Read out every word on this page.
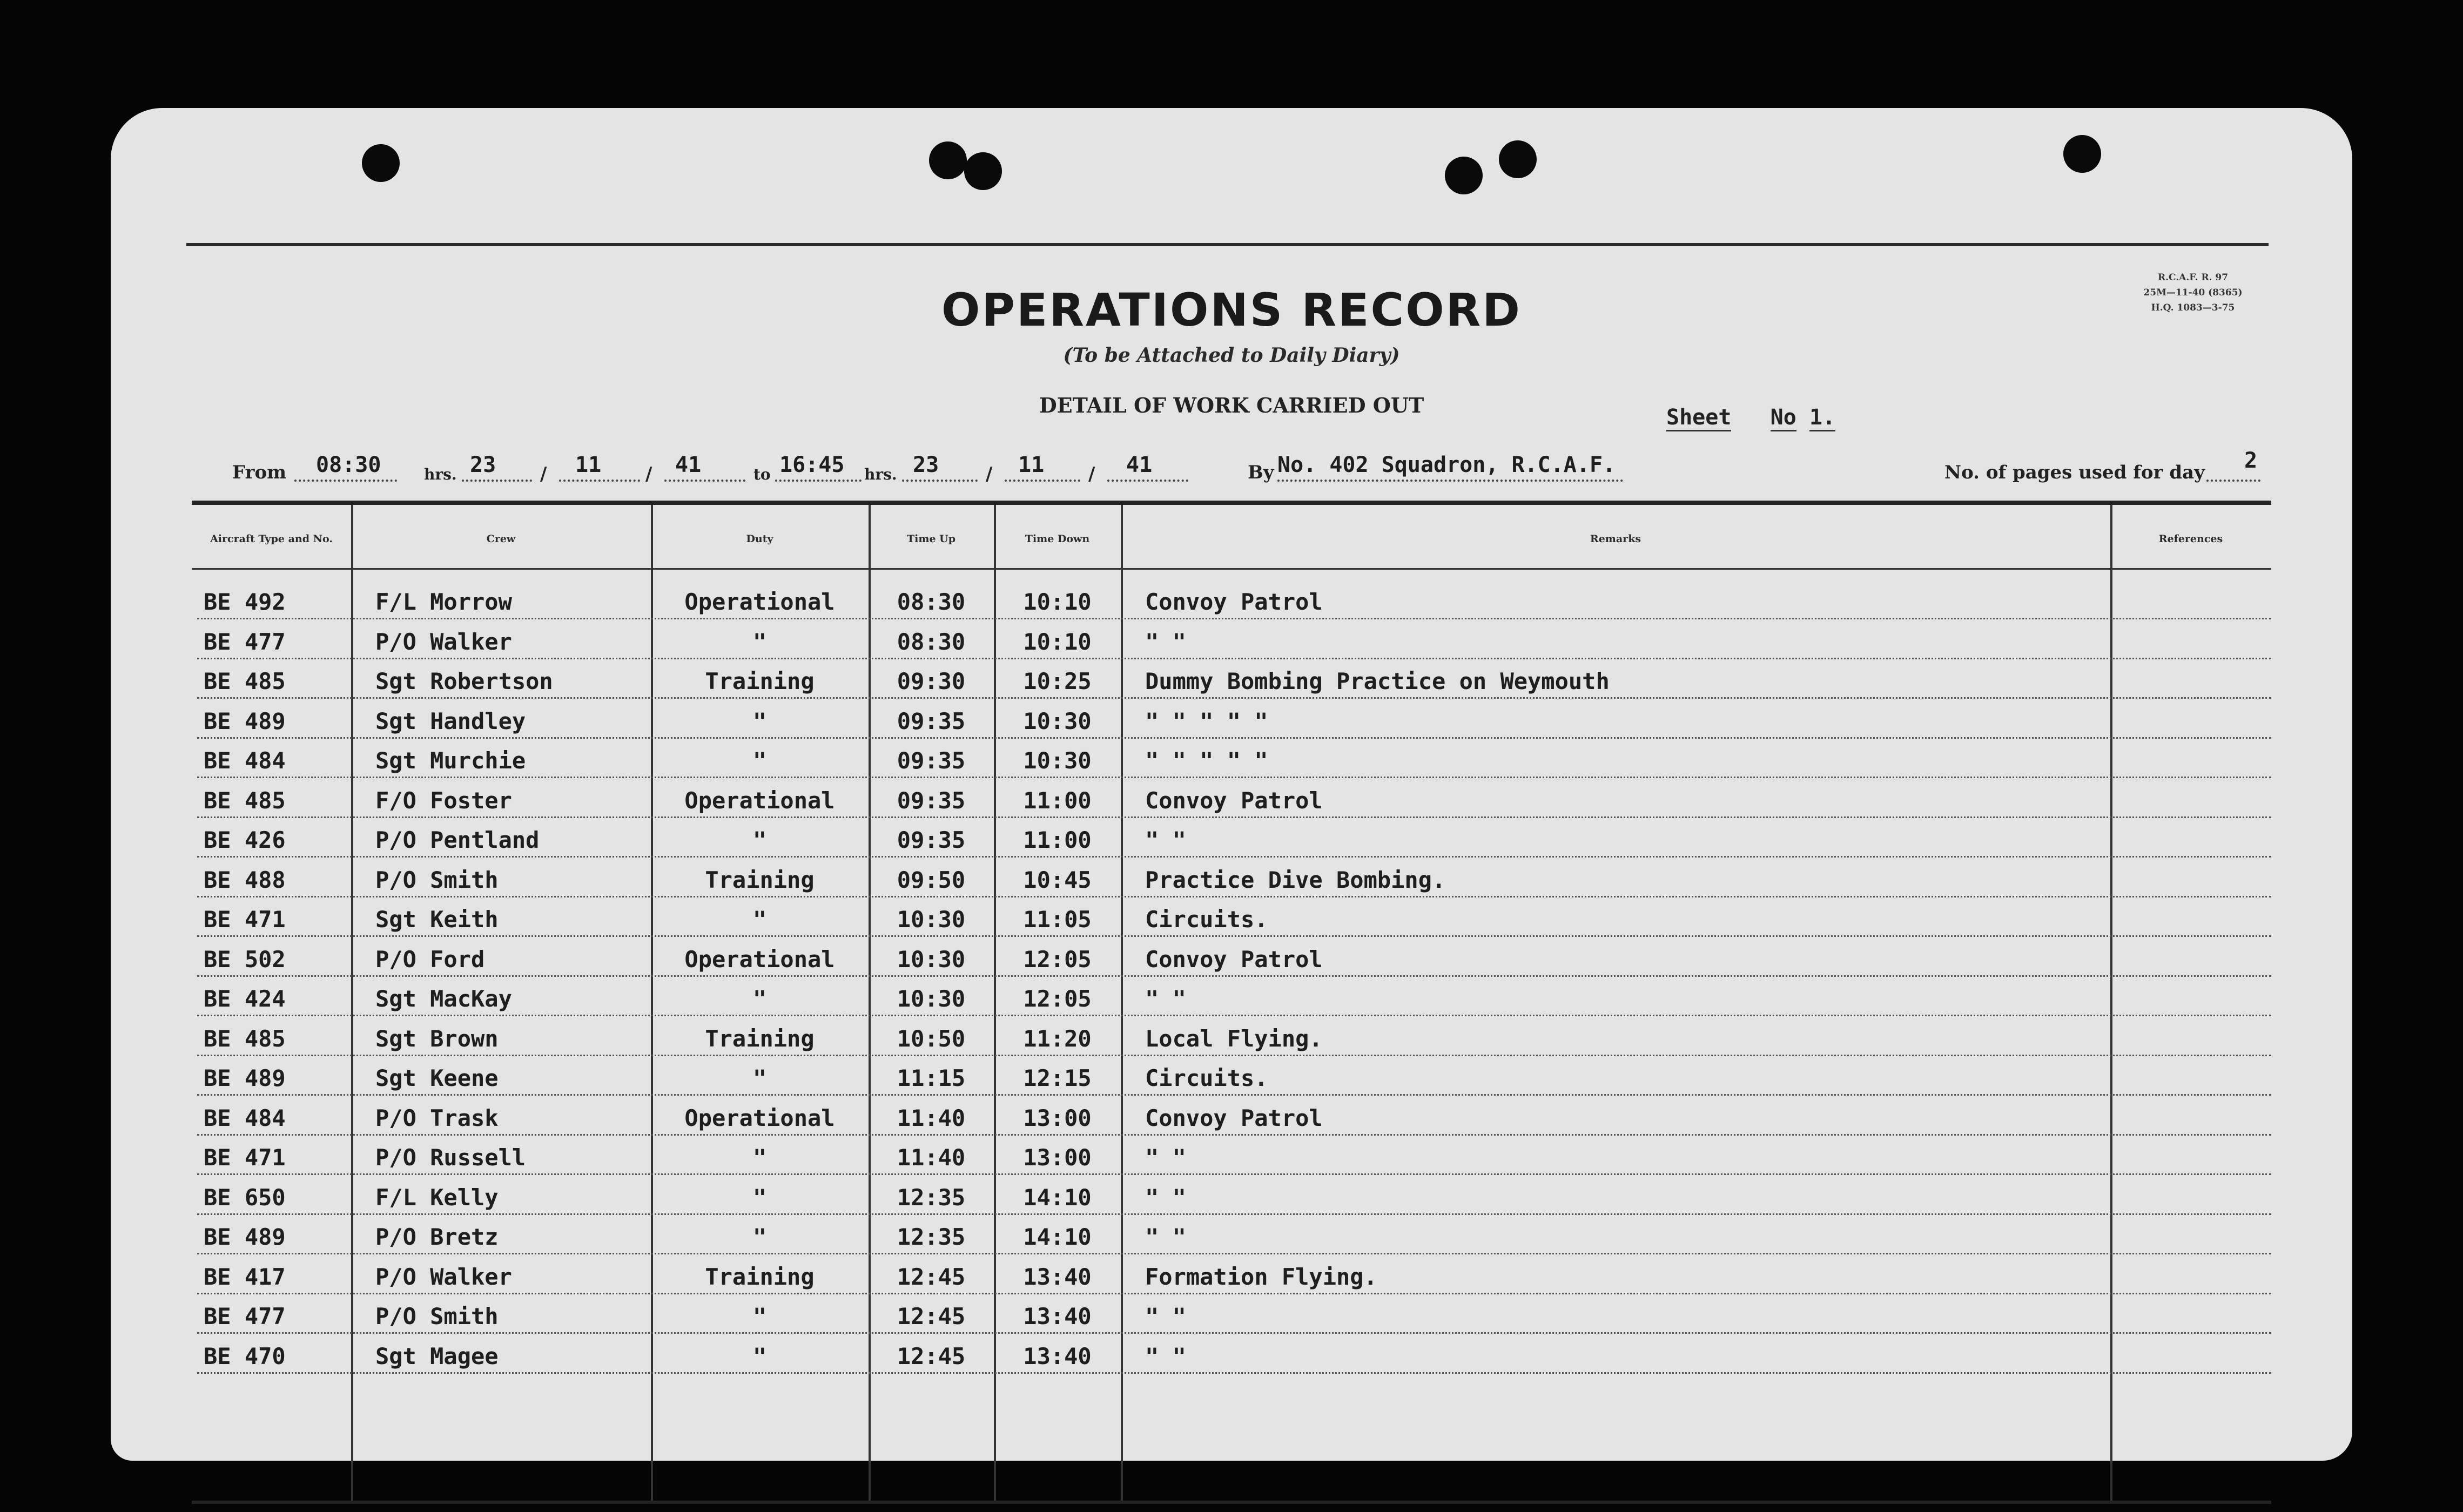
R.C.A.F. R. 97
25M—11-40 (8365)
H.Q. 1083—3-75
OPERATIONS RECORD
(To be Attached to Daily Diary)
DETAIL OF WORK CARRIED OUT	Sheet No 1.
From 08:30	hrs. 23 / 11 / 41	to 16:45 hrs. 23	/ 11 / 41	By No. 402 Squadron, R.C.A.F.	No. of pages used for day 2
Aircraft Type and No.	Crew	Duty	Time Up	Time Down	Remarks	References
BE 492	F/L Morrow	Operational	08:30	10:10	Convoy Patrol
BE 477	P/O Walker	"	08:30	10:10	" "
BE 485	Sgt Robertson	Training	09:30	10:25	Dummy Bombing Practice on Weymouth
BE 489	Sgt Handley	"	09:35	10:30	" " " " "
BE 484	Sgt Murchie	"	09:35	10:30	" " " " "
BE 485	F/O Foster	Operational	09:35	11:00	Convoy Patrol
BE 426	P/O Pentland	"	09:35	11:00	" "
BE 488	P/O Smith	Training	09:50	10:45	Practice Dive Bombing.
BE 471	Sgt Keith	"	10:30	11:05	Circuits.
BE 502	P/O Ford	Operational	10:30	12:05	Convoy Patrol
BE 424	Sgt MacKay	"	10:30	12:05	" "
BE 485	Sgt Brown	Training	10:50	11:20	Local Flying.
BE 489	Sgt Keene	"	11:15	12:15	Circuits.
BE 484	P/O Trask	Operational	11:40	13:00	Convoy Patrol
BE 471	P/O Russell	"	11:40	13:00	" "
BE 650	F/L Kelly	"	12:35	14:10	" "
BE 489	P/O Bretz	"	12:35	14:10	" "
BE 417	P/O Walker	Training	12:45	13:40	Formation Flying.
BE 477	P/O Smith	"	12:45	13:40	" "
BE 470	Sgt Magee	"	12:45	13:40	" "
